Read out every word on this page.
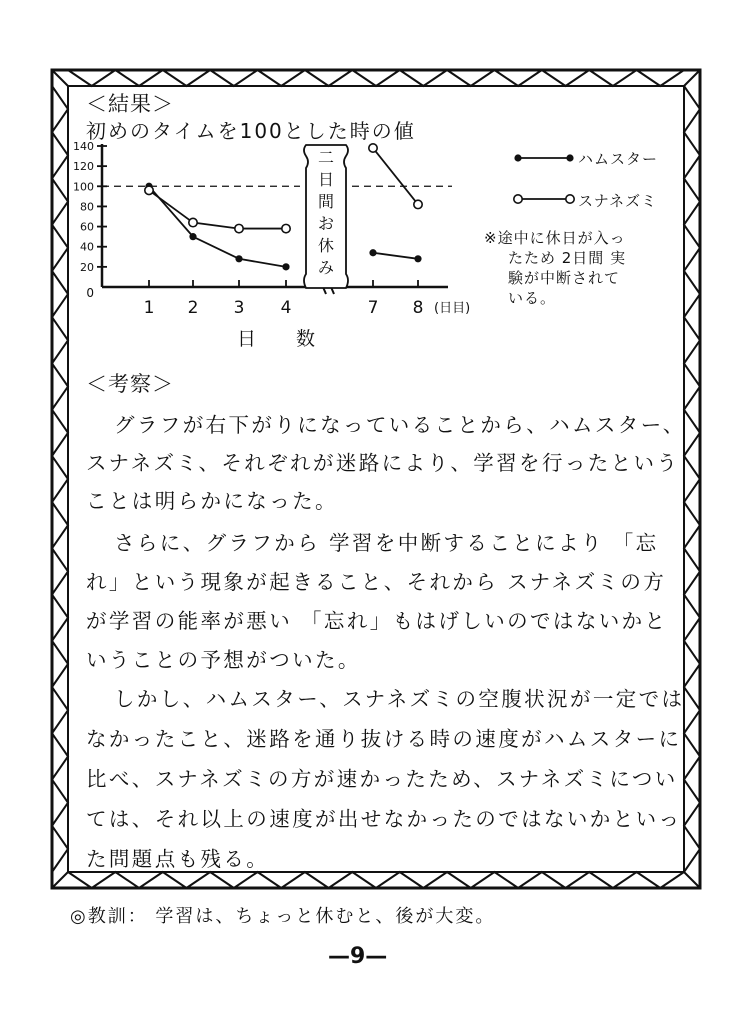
0
20
40
60
80
100
120
140
1 2 3 4	7 8 (日目)
日数
二
日
間
お
休
み
＜結果＞
初めのタイムを100とした時の値
ハムスター
スナネズミ
※途中に休日が入っ
たため 2日間 実
験が中断されて
いる。
＜考察＞
グラフが右下がりになっていることから、ハムスター、
スナネズミ、それぞれが迷路により、学習を行ったという
ことは明らかになった。
さらに、グラフから 学習を中断することにより 「忘
れ」という現象が起きること、それから スナネズミの方
が学習の能率が悪い 「忘れ」もはげしいのではないかと
いうことの予想がついた。
しかし、ハムスター、スナネズミの空腹状況が一定では
なかったこと、迷路を通り抜ける時の速度がハムスターに
比べ、スナネズミの方が速かったため、スナネズミについ
ては、それ以上の速度が出せなかったのではないかといっ
た問題点も残る。
◎教訓： 学習は、ちょっと休むと、後が大変。
—9—
